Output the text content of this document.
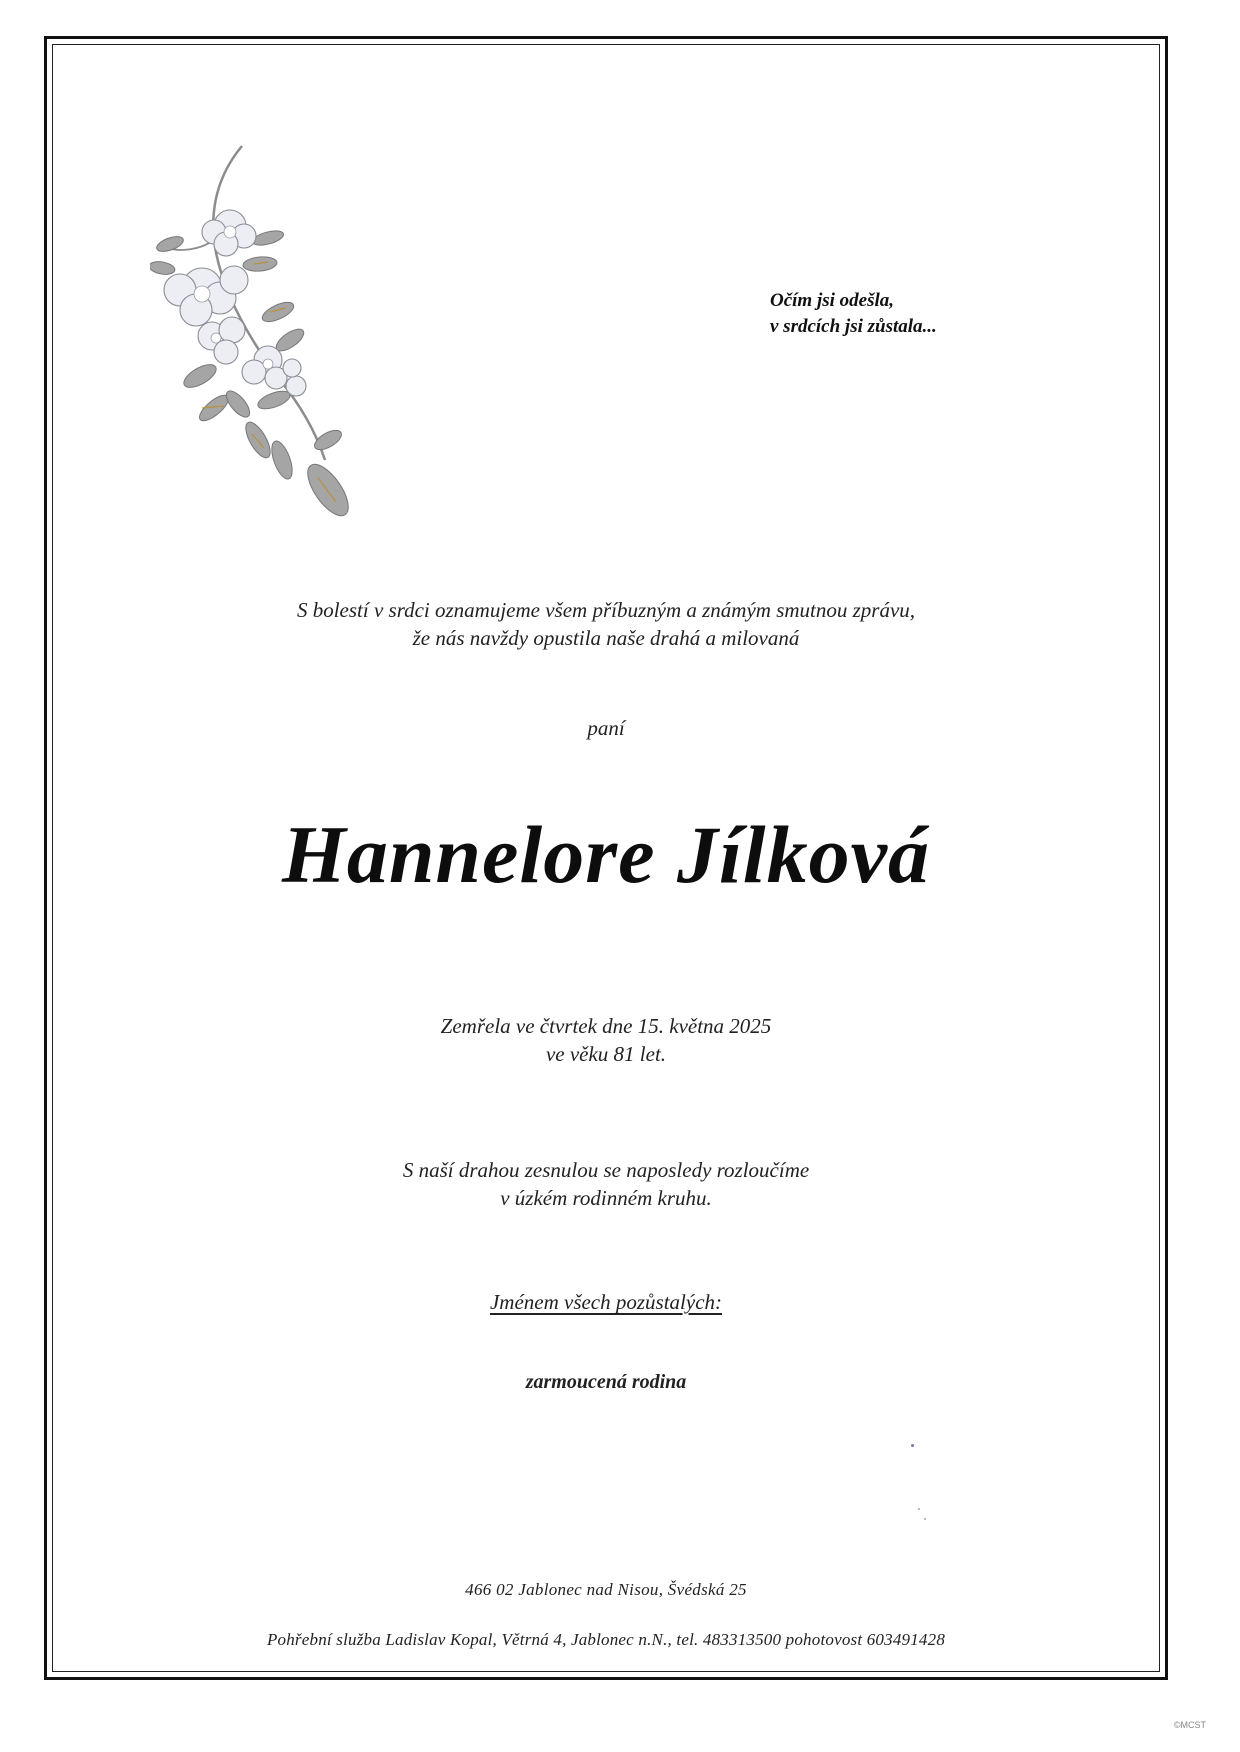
Očím jsi odešla,
v srdcích jsi zůstala...
S bolestí v srdci oznamujeme všem příbuzným a známým smutnou zprávu,
že nás navždy opustila naše drahá a milovaná
paní
Hannelore Jílková
Zemřela ve čtvrtek dne 15. května 2025
ve věku 81 let.
S naší drahou zesnulou se naposledy rozloučíme
v úzkém rodinném kruhu.
Jménem všech pozůstalých:
zarmoucená rodina
466 02 Jablonec nad Nisou, Švédská 25
Pohřební služba Ladislav Kopal, Větrná 4, Jablonec n.N., tel. 483313500 pohotovost 603491428
©MCST
